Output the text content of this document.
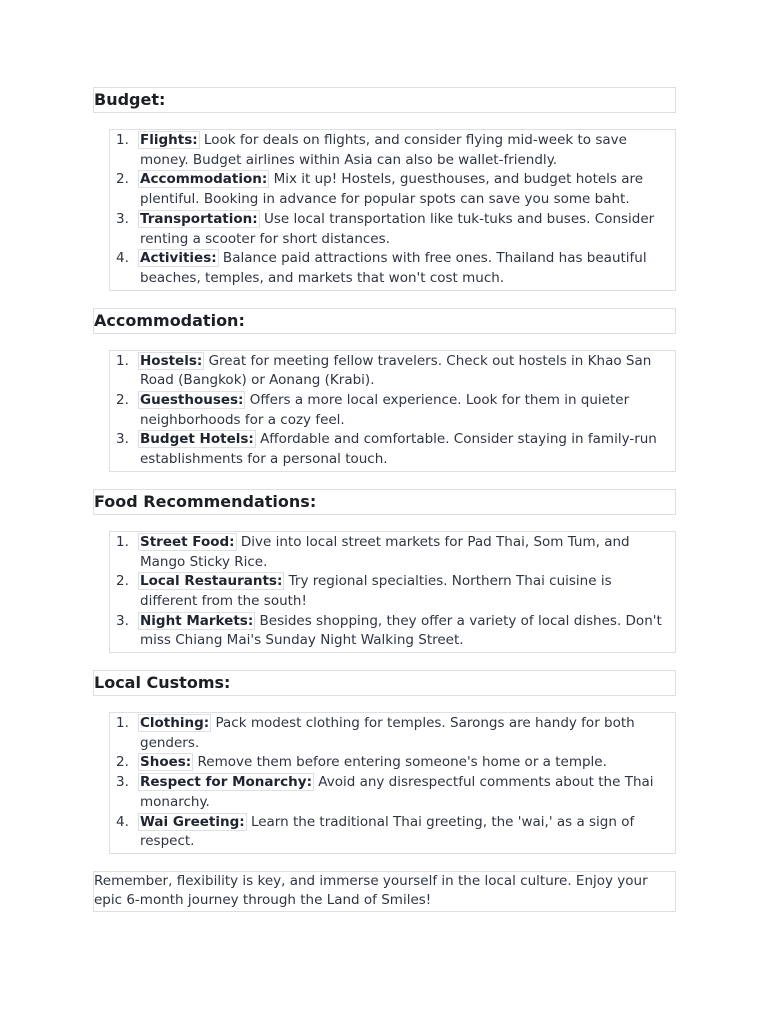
Budget:
1. Flights: Look for deals on flights, and consider flying mid-week to save money. Budget airlines within Asia can also be wallet-friendly.
2. Accommodation: Mix it up! Hostels, guesthouses, and budget hotels are plentiful. Booking in advance for popular spots can save you some baht.
3. Transportation: Use local transportation like tuk-tuks and buses. Consider renting a scooter for short distances.
4. Activities: Balance paid attractions with free ones. Thailand has beautiful beaches, temples, and markets that won't cost much.
Accommodation:
1. Hostels: Great for meeting fellow travelers. Check out hostels in Khao San Road (Bangkok) or Aonang (Krabi).
2. Guesthouses: Offers a more local experience. Look for them in quieter neighborhoods for a cozy feel.
3. Budget Hotels: Affordable and comfortable. Consider staying in family-run establishments for a personal touch.
Food Recommendations:
1. Street Food: Dive into local street markets for Pad Thai, Som Tum, and Mango Sticky Rice.
2. Local Restaurants: Try regional specialties. Northern Thai cuisine is different from the south!
3. Night Markets: Besides shopping, they offer a variety of local dishes. Don't miss Chiang Mai's Sunday Night Walking Street.
Local Customs:
1. Clothing: Pack modest clothing for temples. Sarongs are handy for both genders.
2. Shoes: Remove them before entering someone's home or a temple.
3. Respect for Monarchy: Avoid any disrespectful comments about the Thai monarchy.
4. Wai Greeting: Learn the traditional Thai greeting, the 'wai,' as a sign of respect.
Remember, flexibility is key, and immerse yourself in the local culture. Enjoy your epic 6-month journey through the Land of Smiles!
